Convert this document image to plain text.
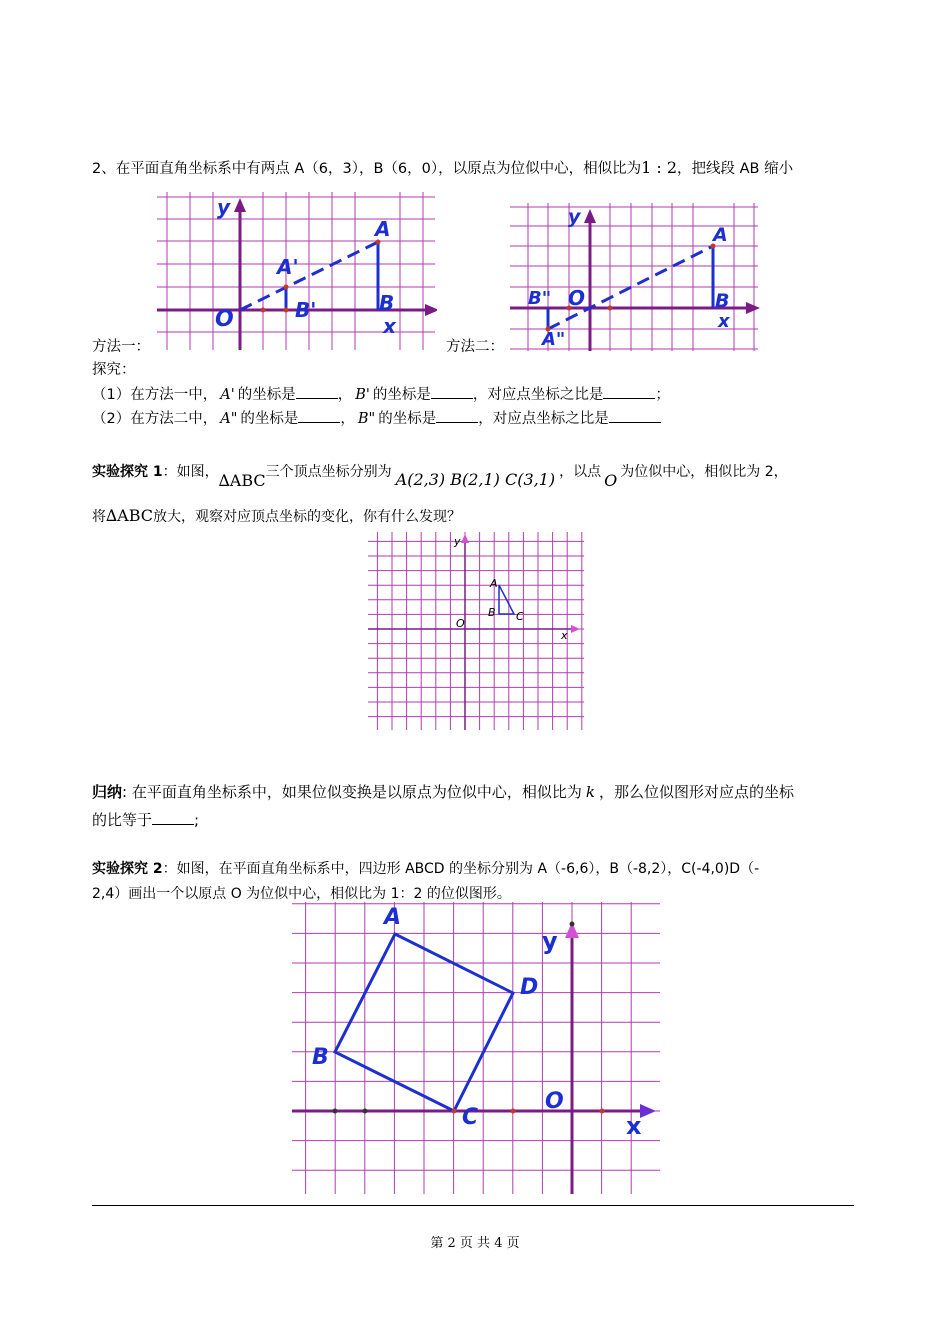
2、在平面直角坐标系中有两点 A（6，3），B（6，0），以原点为位似中心，相似比为1 : 2，把线段 AB 缩小
y
A
A'
B'
O
B
x
y
A
B" O	B
x
A"
方法一：	方法二：
探究：
（1）在方法一中， A' 的坐标是	， B' 的坐标是	，对应点坐标之比是	；
（2）在方法二中， A" 的坐标是	， B" 的坐标是	，对应点坐标之比是
实验探究 1：如图，∆ABC三个顶点坐标分别为 A(2,3) B(2,1) C(3,1) ，以点 O 为位似中心，相似比为 2，
将∆ABC放大，观察对应顶点坐标的变化，你有什么发现？
y
A
B C
O
x
归纳: 在平面直角坐标系中，如果位似变换是以原点为位似中心，相似比为 k ，那么位似图形对应点的坐标
的比等于	;
实验探究 2：如图，在平面直角坐标系中，四边形 ABCD 的坐标分别为 A（-6,6），B（-8,2），C(-4,0)D（-
2,4）画出一个以原点 O 为位似中心，相似比为 1：2 的位似图形。
A
B
C
D
O
y
x
第 2 页 共 4 页
